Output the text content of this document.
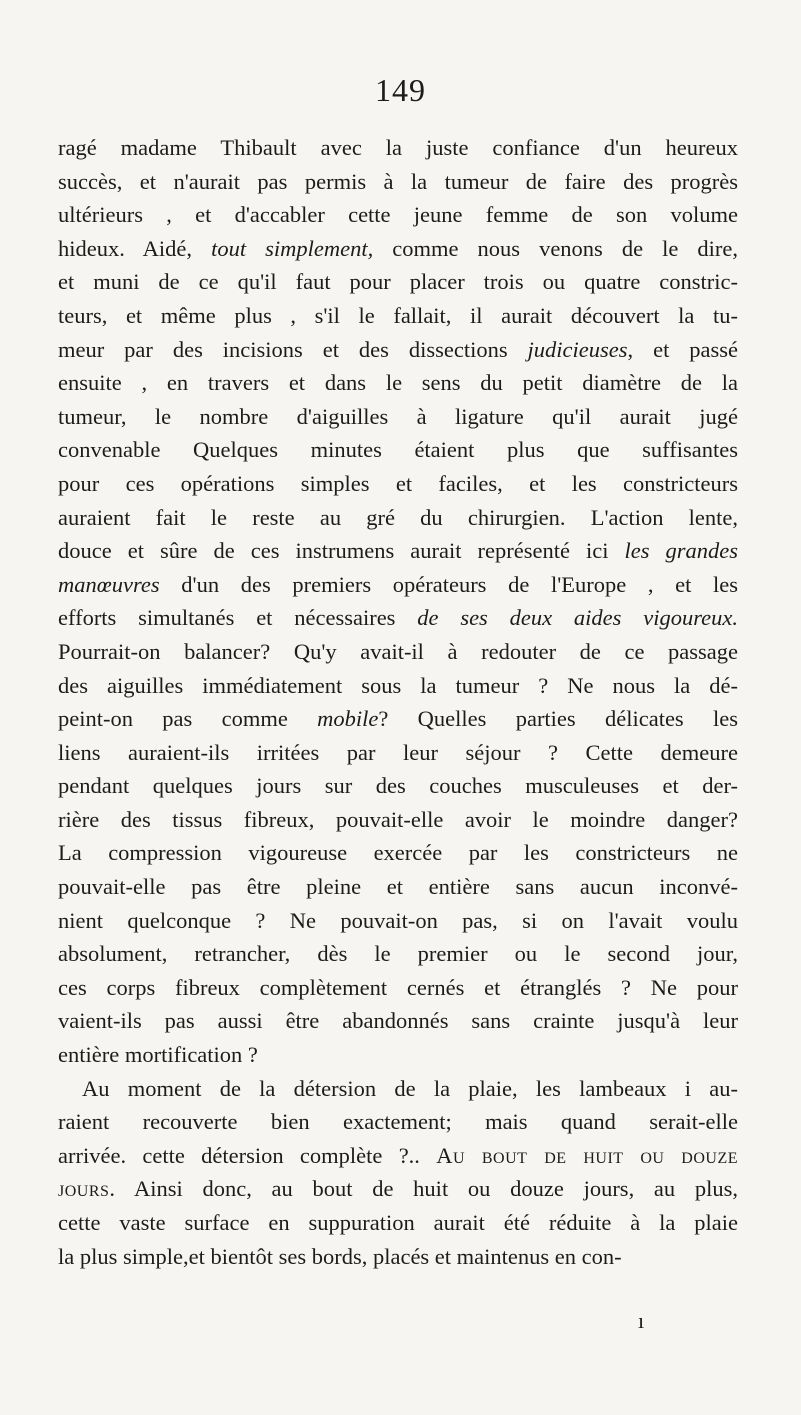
149
ragé madame Thibault avec la juste confiance d'un heureux
succès, et n'aurait pas permis à la tumeur de faire des progrès
ultérieurs , et d'accabler cette jeune femme de son volume
hideux. Aidé, tout simplement, comme nous venons de le dire,
et muni de ce qu'il faut pour placer trois ou quatre constric-
teurs, et même plus , s'il le fallait, il aurait découvert la tu-
meur par des incisions et des dissections judicieuses, et passé
ensuite , en travers et dans le sens du petit diamètre de la
tumeur, le nombre d'aiguilles à ligature qu'il aurait jugé
convenable Quelques minutes étaient plus que suffisantes
pour ces opérations simples et faciles, et les constricteurs
auraient fait le reste au gré du chirurgien. L'action lente,
douce et sûre de ces instrumens aurait représenté ici les grandes
manœuvres d'un des premiers opérateurs de l'Europe , et les
efforts simultanés et nécessaires de ses deux aides vigoureux.
Pourrait-on balancer? Qu'y avait-il à redouter de ce passage
des aiguilles immédiatement sous la tumeur ? Ne nous la dé-
peint-on pas comme mobile? Quelles parties délicates les
liens auraient-ils irritées par leur séjour ? Cette demeure
pendant quelques jours sur des couches musculeuses et der-
rière des tissus fibreux, pouvait-elle avoir le moindre danger?
La compression vigoureuse exercée par les constricteurs ne
pouvait-elle pas être pleine et entière sans aucun inconvé-
nient quelconque ? Ne pouvait-on pas, si on l'avait voulu
absolument, retrancher, dès le premier ou le second jour,
ces corps fibreux complètement cernés et étranglés ? Ne pour
vaient-ils pas aussi être abandonnés sans crainte jusqu'à leur
entière mortification ?
Au moment de la détersion de la plaie, les lambeaux i au-
raient recouverte bien exactement; mais quand serait-elle
arrivée. cette détersion complète ?.. Au bout de huit ou douze
jours. Ainsi donc, au bout de huit ou douze jours, au plus,
cette vaste surface en suppuration aurait été réduite à la plaie
la plus simple,et bientôt ses bords, placés et maintenus en con-
ı
